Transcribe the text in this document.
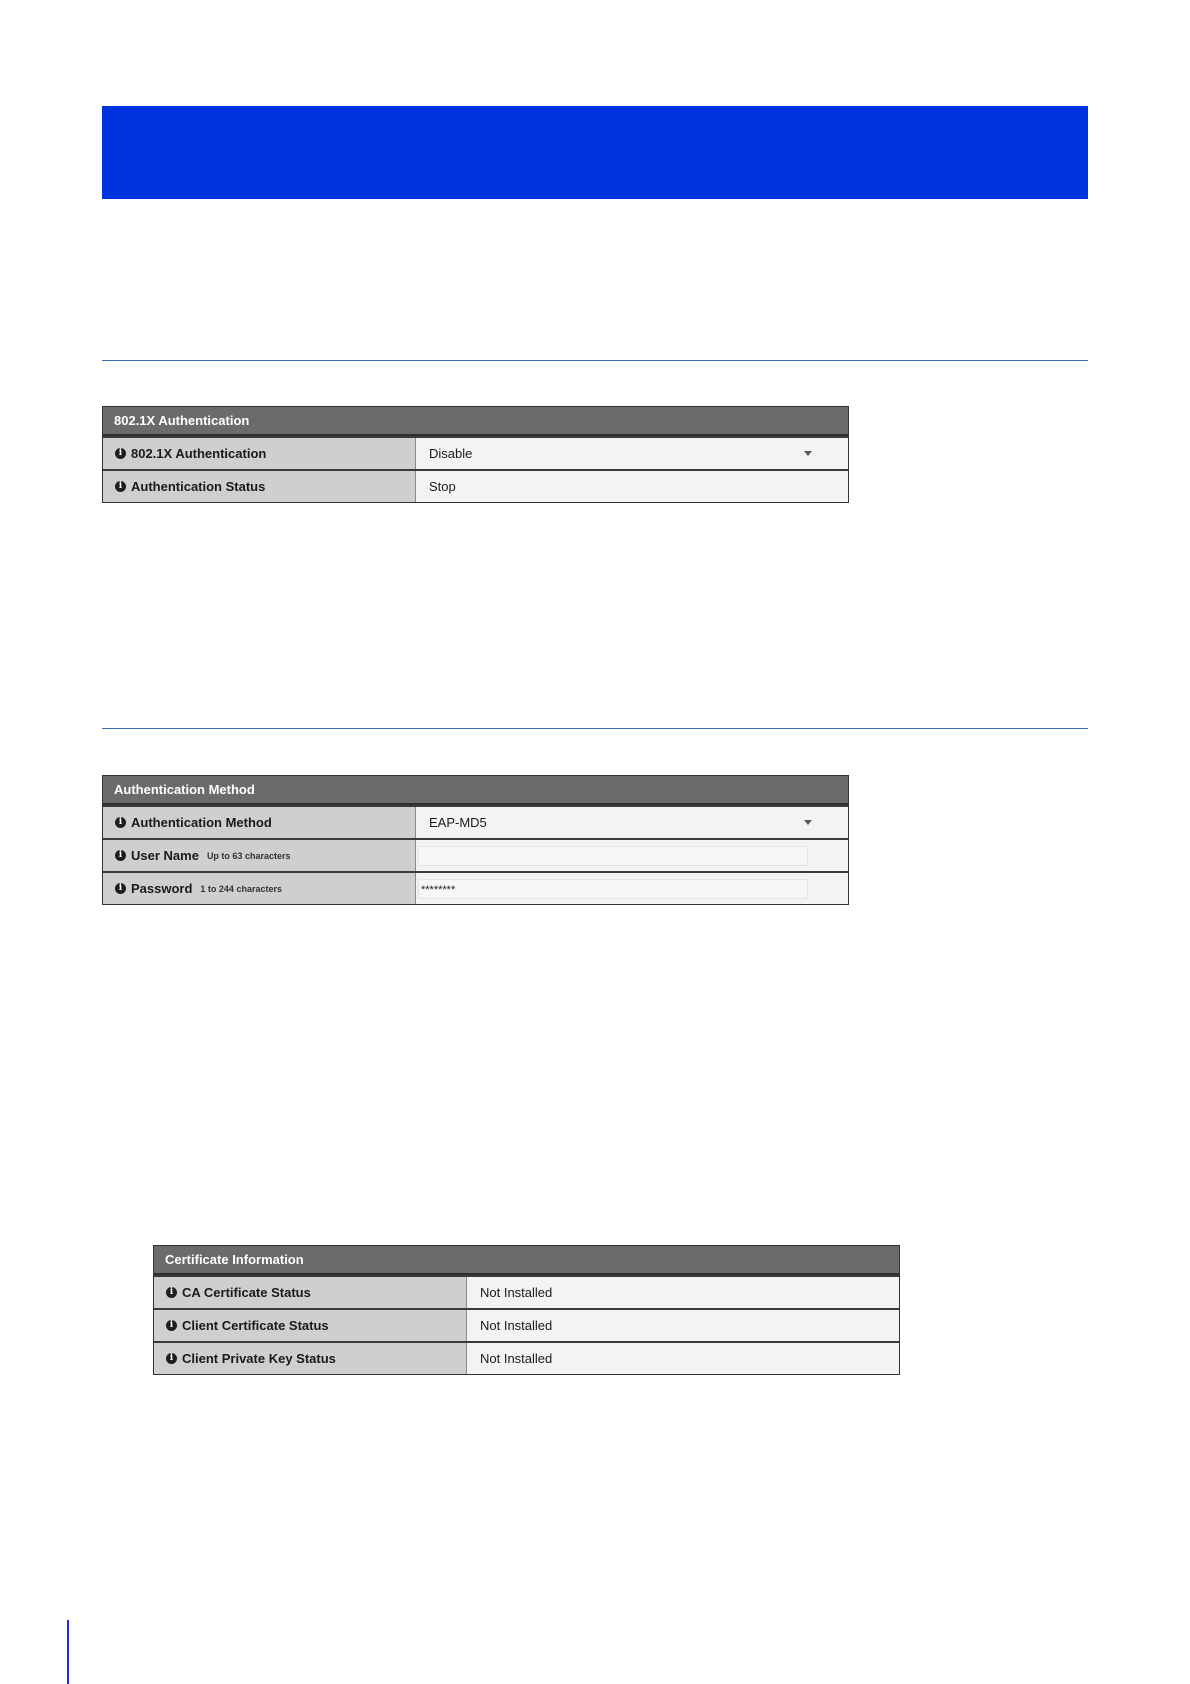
802.1X Authentication
i 802.1X Authentication	Disable
i Authentication Status	Stop
Authentication Method
i Authentication Method	EAP-MD5
i User Name Up to 63 characters
i Password 1 to 244 characters	********
Certificate Information
i CA Certificate Status	Not Installed
i Client Certificate Status	Not Installed
i Client Private Key Status	Not Installed
